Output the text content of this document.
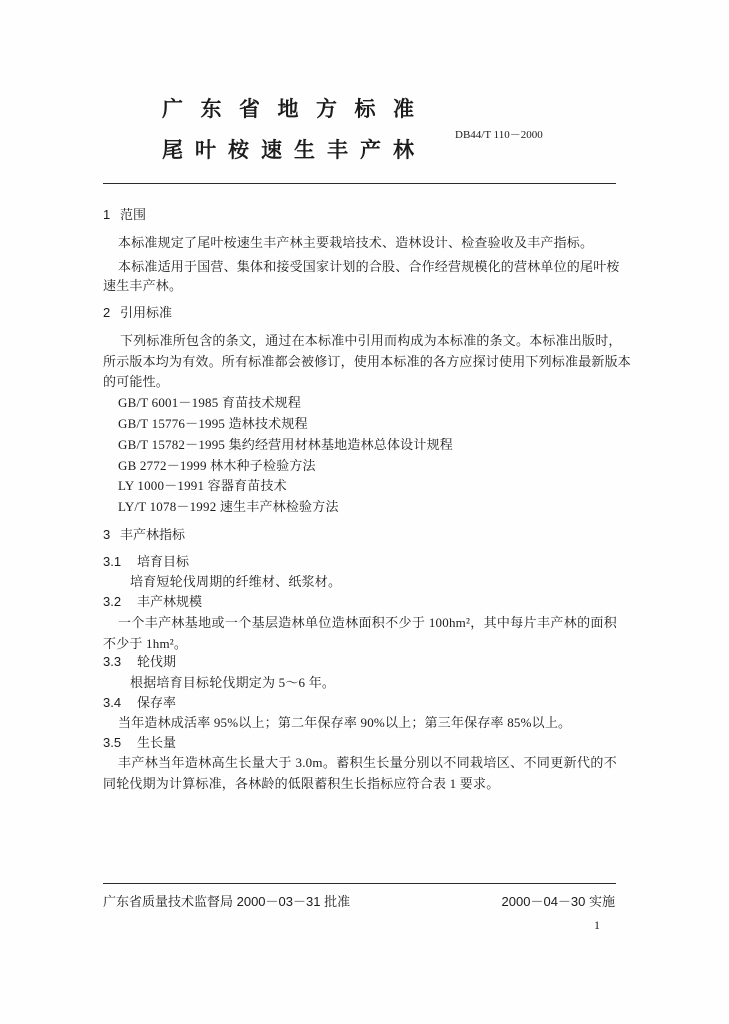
广东省地方标准
尾叶桉速生丰产林
DB44/T 110－2000
1 范围
本标准规定了尾叶桉速生丰产林主要栽培技术、造林设计、检查验收及丰产指标。
本标准适用于国营、集体和接受国家计划的合股、合作经营规模化的营林单位的尾叶桉
速生丰产林。
2 引用标准
下列标准所包含的条文，通过在本标准中引用而构成为本标准的条文。本标准出版时，
所示版本均为有效。所有标准都会被修订，使用本标准的各方应探讨使用下列标准最新版本
的可能性。
GB/T 6001－1985 育苗技术规程
GB/T 15776－1995 造林技术规程
GB/T 15782－1995 集约经营用材林基地造林总体设计规程
GB 2772－1999 林木种子检验方法
LY 1000－1991 容器育苗技术
LY/T 1078－1992 速生丰产林检验方法
3 丰产林指标
3.1 培育目标
培育短轮伐周期的纤维材、纸浆材。
3.2 丰产林规模
一个丰产林基地或一个基层造林单位造林面积不少于 100hm²，其中每片丰产林的面积
不少于 1hm²。
3.3 轮伐期
根据培育目标轮伐期定为 5～6 年。
3.4 保存率
当年造林成活率 95%以上；第二年保存率 90%以上；第三年保存率 85%以上。
3.5 生长量
丰产林当年造林高生长量大于 3.0m。蓄积生长量分别以不同栽培区、不同更新代的不
同轮伐期为计算标准，各林龄的低限蓄积生长指标应符合表 1 要求。
广东省质量技术监督局 2000－03－31 批准	2000－04－30 实施
1
